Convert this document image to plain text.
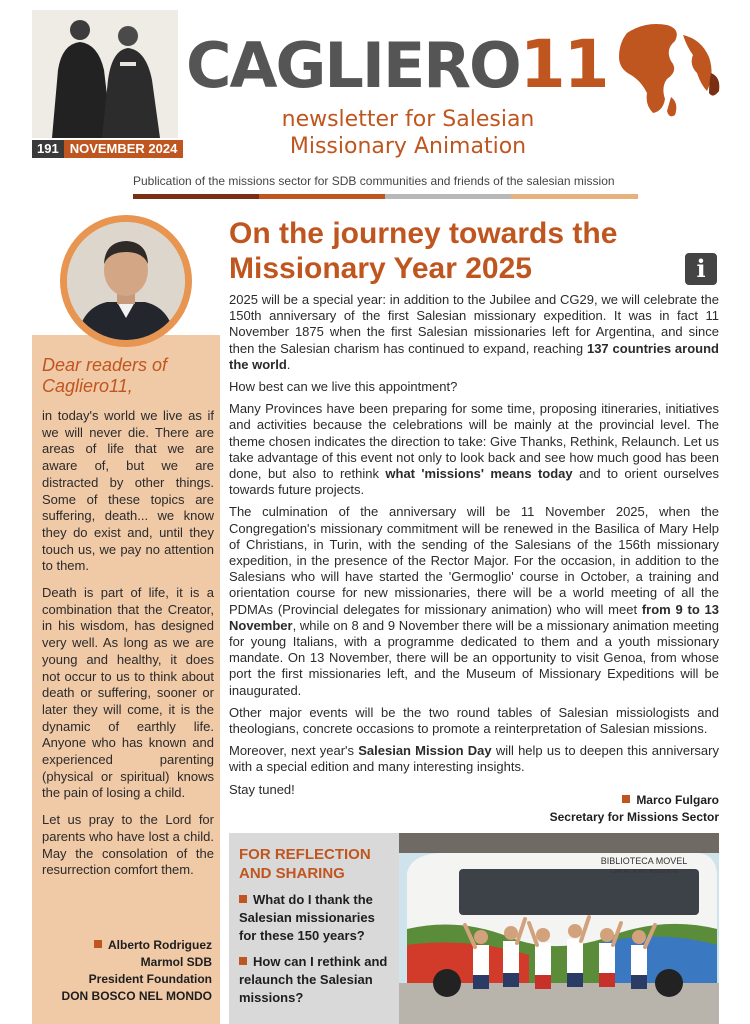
191 NOVEMBER 2024
CAGLIERO11
newsletter for Salesian
Missionary Animation
Publication of the missions sector for SDB communities and friends of the salesian mission
Dear readers of Cagliero11,

in today's world we live as if we will never die. There are areas of life that we are aware of, but we are distracted by other things. Some of these topics are suffering, death... we know they do exist and, until they touch us, we pay no attention to them.

Death is part of life, it is a combination that the Creator, in his wisdom, has designed very well. As long as we are young and healthy, it does not occur to us to think about death or suffering, sooner or later they will come, it is the dynamic of earthly life. Anyone who has known and experienced parenting (physical or spiritual) knows the pain of losing a child.

Let us pray to the Lord for parents who have lost a child. May the consolation of the resurrection comfort them.

Alberto Rodriguez
Marmol SDB
President Foundation
DON BOSCO NEL MONDO
On the journey towards the Missionary Year 2025	i

2025 will be a special year: in addition to the Jubilee and CG29, we will celebrate the 150th anniversary of the first Salesian missionary expedition. It was in fact 11 November 1875 when the first Salesian missionaries left for Argentina, and since then the Salesian charism has continued to expand, reaching 137 countries around the world.

How best can we live this appointment?

Many Provinces have been preparing for some time, proposing itineraries, initiatives and activities because the celebrations will be mainly at the provincial level. The theme chosen indicates the direction to take: Give Thanks, Rethink, Relaunch. Let us take advantage of this event not only to look back and see how much good has been done, but also to rethink what 'missions' means today and to orient ourselves towards future projects.

The culmination of the anniversary will be 11 November 2025, when the Congregation's missionary commitment will be renewed in the Basilica of Mary Help of Christians, in Turin, with the sending of the Salesians of the 156th missionary expedition, in the presence of the Rector Major. For the occasion, in addition to the Salesians who will have started the 'Germoglio' course in October, a training and orientation course for new missionaries, there will be a world meeting of all the PDMAs (Provincial delegates for missionary animation) who will meet from 9 to 13 November, while on 8 and 9 November there will be a missionary animation meeting for young Italians, with a programme dedicated to them and a youth missionary mandate. On 13 November, there will be an opportunity to visit Genoa, from whose port the first missionaries left, and the Museum of Missionary Expeditions will be inaugurated.

Other major events will be the two round tables of Salesian missiologists and theologians, concrete occasions to promote a reinterpretation of Salesian missions.

Moreover, next year's Salesian Mission Day will help us to deepen this anniversary with a special edition and many interesting insights.

Stay tuned!

Marco Fulgaro
Secretary for Missions Sector
FOR REFLECTION AND SHARING
What do I thank the Salesian missionaries for these 150 years?
How can I rethink and relaunch the Salesian missions?
BIBLIOTECA MOVEL
CENTRO NOVO HORIZONTE
